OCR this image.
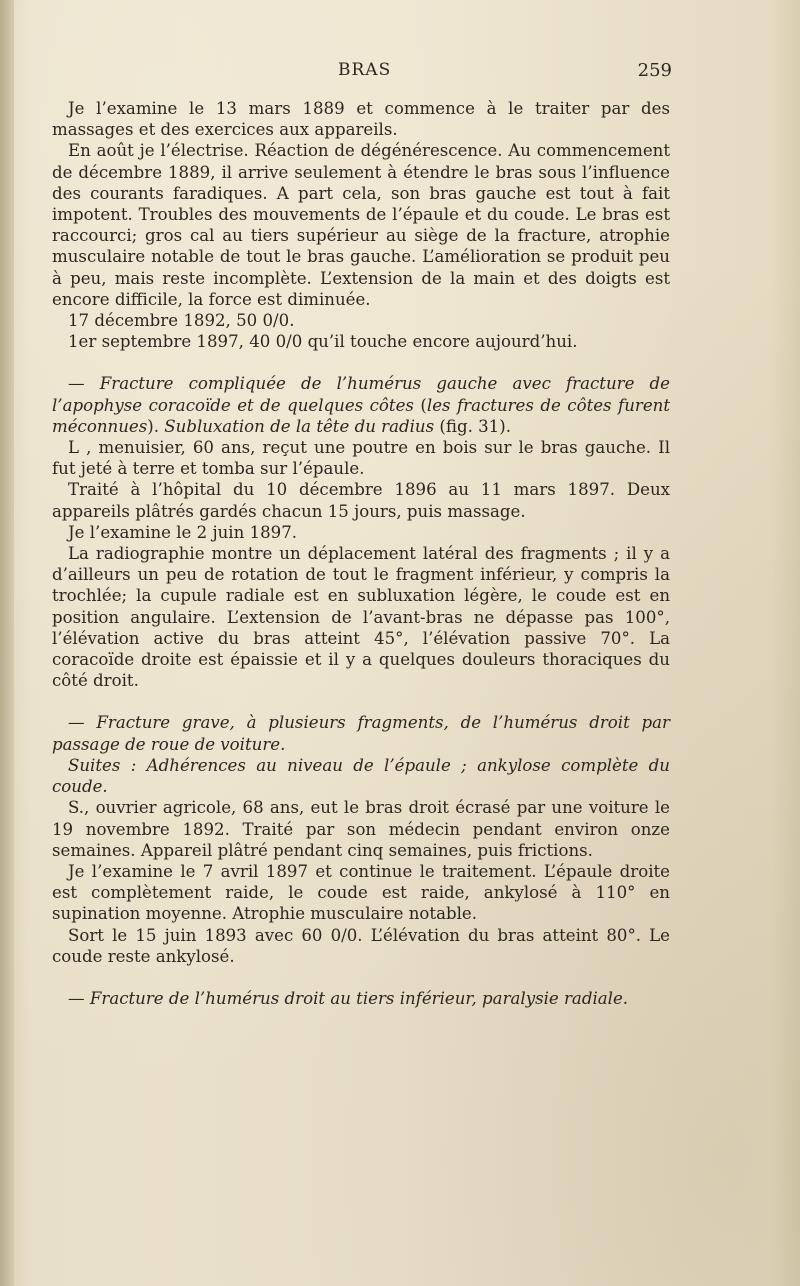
BRAS	259

Je l’examine le 13 mars 1889 et commence à le traiter par des massages et des exercices aux appareils.

En août je l’électrise. Réaction de dégénérescence. Au commencement de décembre 1889, il arrive seulement à étendre le bras sous l’influence des courants faradiques. A part cela, son bras gauche est tout à fait impotent. Troubles des mouvements de l’épaule et du coude. Le bras est raccourci; gros cal au tiers supérieur au siège de la fracture, atrophie musculaire notable de tout le bras gauche. L’amélioration se produit peu à peu, mais reste incomplète. L’extension de la main et des doigts est encore difficile, la force est diminuée.

17 décembre 1892, 50 0/0.

1er septembre 1897, 40 0/0 qu’il touche encore aujourd’hui.

— Fracture compliquée de l’humérus gauche avec fracture de l’apophyse coracoïde et de quelques côtes (les fractures de côtes furent méconnues). Subluxation de la tête du radius (fig. 31).

L , menuisier, 60 ans, reçut une poutre en bois sur le bras gauche. Il fut jeté à terre et tomba sur l’épaule.

Traité à l’hôpital du 10 décembre 1896 au 11 mars 1897. Deux appareils plâtrés gardés chacun 15 jours, puis massage.

Je l’examine le 2 juin 1897.

La radiographie montre un déplacement latéral des fragments ; il y a d’ailleurs un peu de rotation de tout le fragment inférieur, y compris la trochlée; la cupule radiale est en subluxation légère, le coude est en position angulaire. L’extension de l’avant-bras ne dépasse pas 100°, l’élévation active du bras atteint 45°, l’élévation passive 70°. La coracoïde droite est épaissie et il y a quelques douleurs thoraciques du côté droit.

— Fracture grave, à plusieurs fragments, de l’humérus droit par passage de roue de voiture.

Suites : Adhérences au niveau de l’épaule ; ankylose complète du coude.

S., ouvrier agricole, 68 ans, eut le bras droit écrasé par une voiture le 19 novembre 1892. Traité par son médecin pendant environ onze semaines. Appareil plâtré pendant cinq semaines, puis frictions.

Je l’examine le 7 avril 1897 et continue le traitement. L’épaule droite est complètement raide, le coude est raide, ankylosé à 110° en supination moyenne. Atrophie musculaire notable.

Sort le 15 juin 1893 avec 60 0/0. L’élévation du bras atteint 80°. Le coude reste ankylosé.

— Fracture de l’humérus droit au tiers inférieur, paralysie radiale.
